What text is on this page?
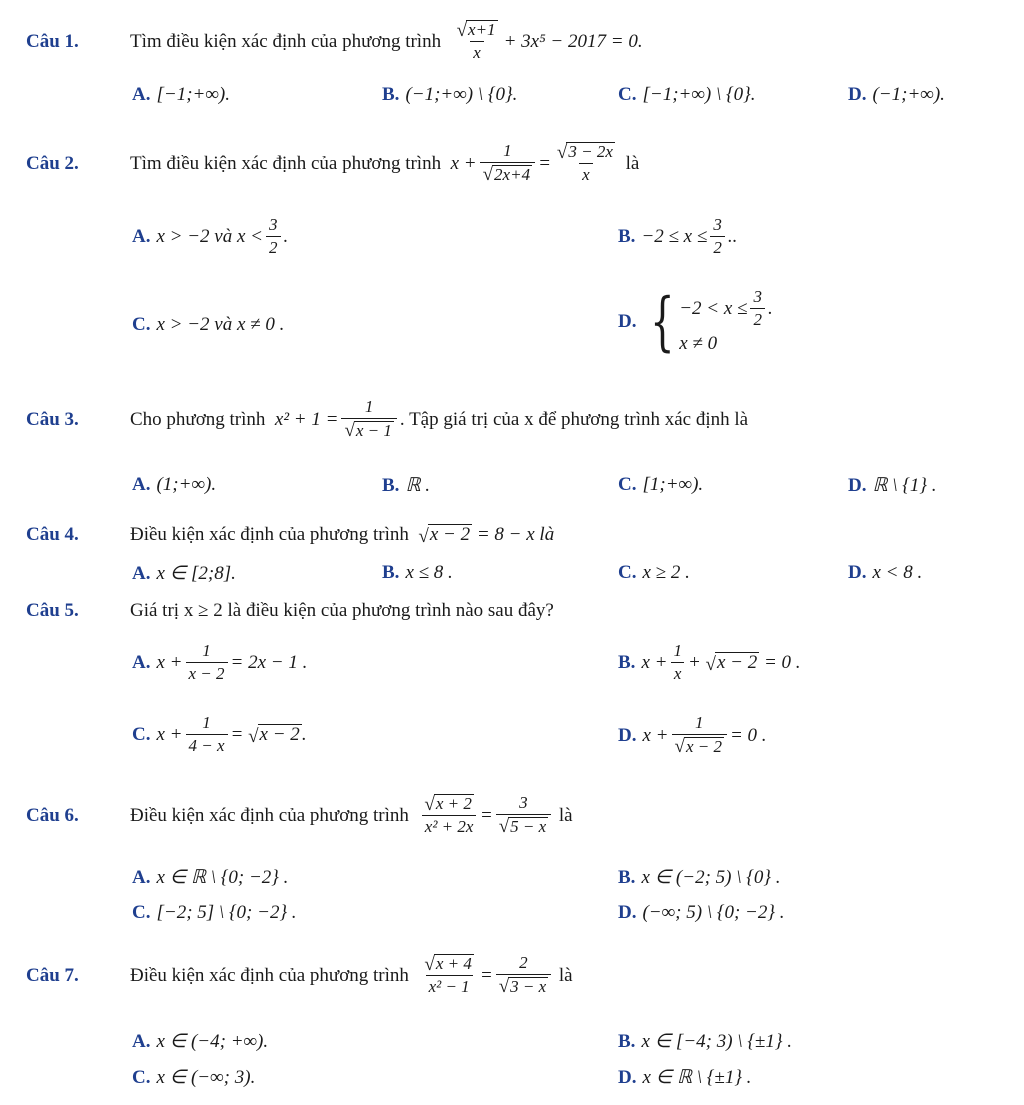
Câu 1.	Tìm điều kiện xác định của phương trình
$\frac{√ x+1}{x} + 3x^5 - 2017 = 0$.
A. [−1;+∞).	B. (−1;+∞) \ {0}.	C. [−1;+∞) \ {0}.	D. (−1;+∞).
Câu 2.	Tìm điều kiện xác định của phương trình
$x + \frac{1}{√ 2x+4} = \frac{√ 3 - 2x}{x}$
là
A. x > −2 và $x < \frac{3}{2}$ .	B. $-2 \le x \le \frac{3}{2}$ ..
C. x > −2 và x ≠ 0 .	D. { $-2 < x \le \frac{3}{2}$ .
x ≠ 0
Câu 3.	Cho phương trình
$x^2 + 1 = \frac{1}{√ x - 1}$ . Tập giá trị của x để phương trình xác định là
A. (1;+∞).	B. ℝ .	C. [1;+∞).	D. ℝ \ {1} .
Câu 4.	Điều kiện xác định của phương trình
√ x − 2
= 8 − x là
A. x ∈ [2;8].	B. x ≤ 8 .	C. x ≥ 2 .	D. x < 8 .
Câu 5.	Giá trị x ≥ 2 là điều kiện của phương trình nào sau đây?
A. $x + \frac{1}{x - 2} = 2x - 1$ .	B. $x + \frac{1}{x}$ +
√ x − 2
= 0 .
C. $x + \frac{1}{4 - x}$ =
√ x − 2 .	D. $x + \frac{1}{√ x - 2} = 0$ .
Câu 6.	Điều kiện xác định của phương trình
$\frac{√ x + 2}{\text{x² + 2x}} = \frac{3}{√ 5 - x}$
là
A. x ∈ ℝ \ {0; −2} .	B. x ∈ (−2; 5) \ {0} .
C. [−2; 5] \ {0; −2} .	D. (−∞; 5) \ {0; −2} .
Câu 7.	Điều kiện xác định của phương trình
$\frac{√ x + 4}{\text{x² − 1}} = \frac{2}{√ 3 - x}$
là
A. x ∈ (−4; +∞).	B. x ∈ [−4; 3) \ {±1} .
C. x ∈ (−∞; 3).	D. x ∈ ℝ \ {±1} .
